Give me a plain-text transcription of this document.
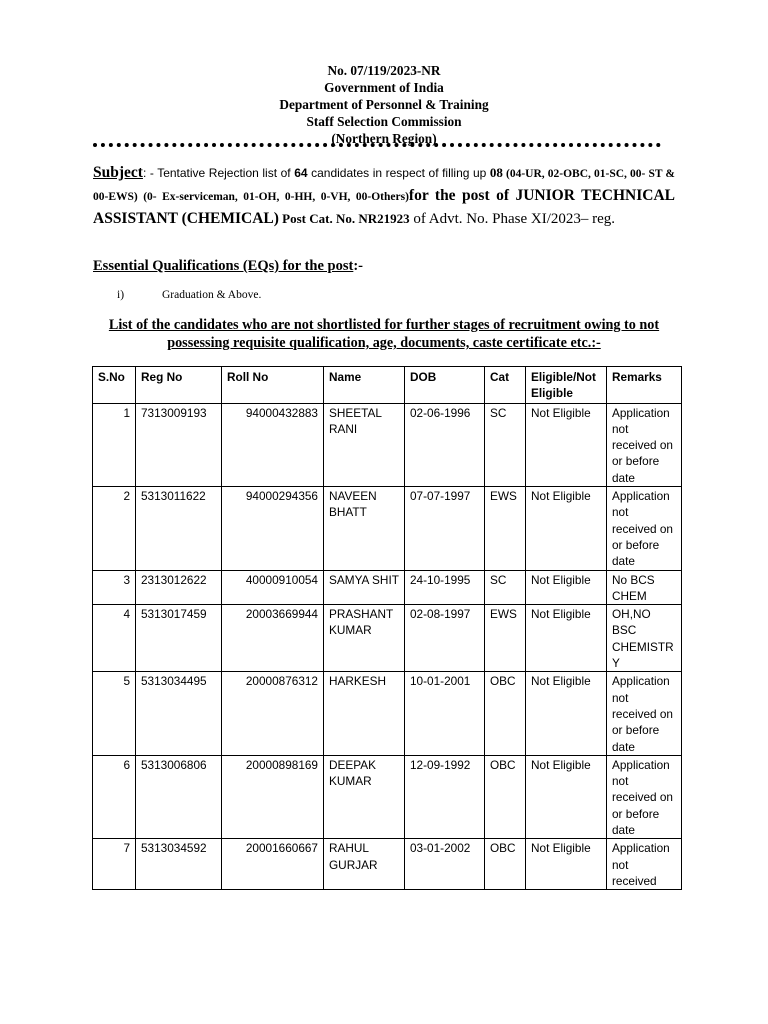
No. 07/119/2023-NR
Government of India
Department of Personnel & Training
Staff Selection Commission
(Northern Region)
Subject: - Tentative Rejection list of 64 candidates in respect of filling up 08 (04-UR, 02-OBC, 01-SC, 00- ST & 00-EWS) (0- Ex-serviceman, 01-OH, 0-HH, 0-VH, 00-Others)for the post of JUNIOR TECHNICAL ASSISTANT (CHEMICAL) Post Cat. No. NR21923 of Advt. No. Phase XI/2023– reg.
Essential Qualifications (EQs) for the post:-
i)	Graduation & Above.
List of the candidates who are not shortlisted for further stages of recruitment owing to not possessing requisite qualification, age, documents, caste certificate etc.:-
S.No	Reg No	Roll No	Name	DOB	Cat	Eligible/Not Eligible	Remarks
1	7313009193	94000432883	SHEETAL RANI	02-06-1996	SC	Not Eligible	Application not received on or before date
2	5313011622	94000294356	NAVEEN BHATT	07-07-1997	EWS	Not Eligible	Application not received on or before date
3	2313012622	40000910054	SAMYA SHIT	24-10-1995	SC	Not Eligible	No BCS CHEM
4	5313017459	20003669944	PRASHANT KUMAR	02-08-1997	EWS	Not Eligible	OH,NO BSC CHEMISTRY
5	5313034495	20000876312	HARKESH	10-01-2001	OBC	Not Eligible	Application not received on or before date
6	5313006806	20000898169	DEEPAK KUMAR	12-09-1992	OBC	Not Eligible	Application not received on or before date
7	5313034592	20001660667	RAHUL GURJAR	03-01-2002	OBC	Not Eligible	Application not received
